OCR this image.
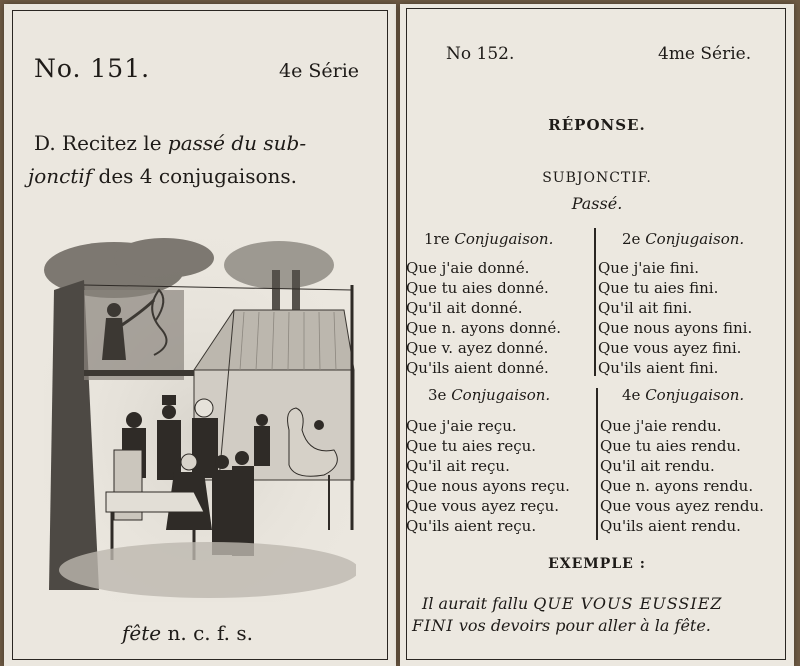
No. 151.	4e Série
D. Recitez le passé du sub-
jonctif des 4 conjugaisons.
fête n. c. f. s.
No 152.	4me Série.
RÉPONSE.
SUBJONCTIF.
Passé.
1re Conjugaison.
Que j'aie donné.
Que tu aies donné.
Qu'il ait donné.
Que n. ayons donné.
Que v. ayez donné.
Qu'ils aient donné.
2e Conjugaison.
Que j'aie fini.
Que tu aies fini.
Qu'il ait fini.
Que nous ayons fini.
Que vous ayez fini.
Qu'ils aient fini.
3e Conjugaison.
Que j'aie reçu.
Que tu aies reçu.
Qu'il ait reçu.
Que nous ayons reçu.
Que vous ayez reçu.
Qu'ils aient reçu.
4e Conjugaison.
Que j'aie rendu.
Que tu aies rendu.
Qu'il ait rendu.
Que n. ayons rendu.
Que vous ayez rendu.
Qu'ils aient rendu.
EXEMPLE :
Il aurait fallu QUE VOUS EUSSIEZ
FINI vos devoirs pour aller à la fête.
